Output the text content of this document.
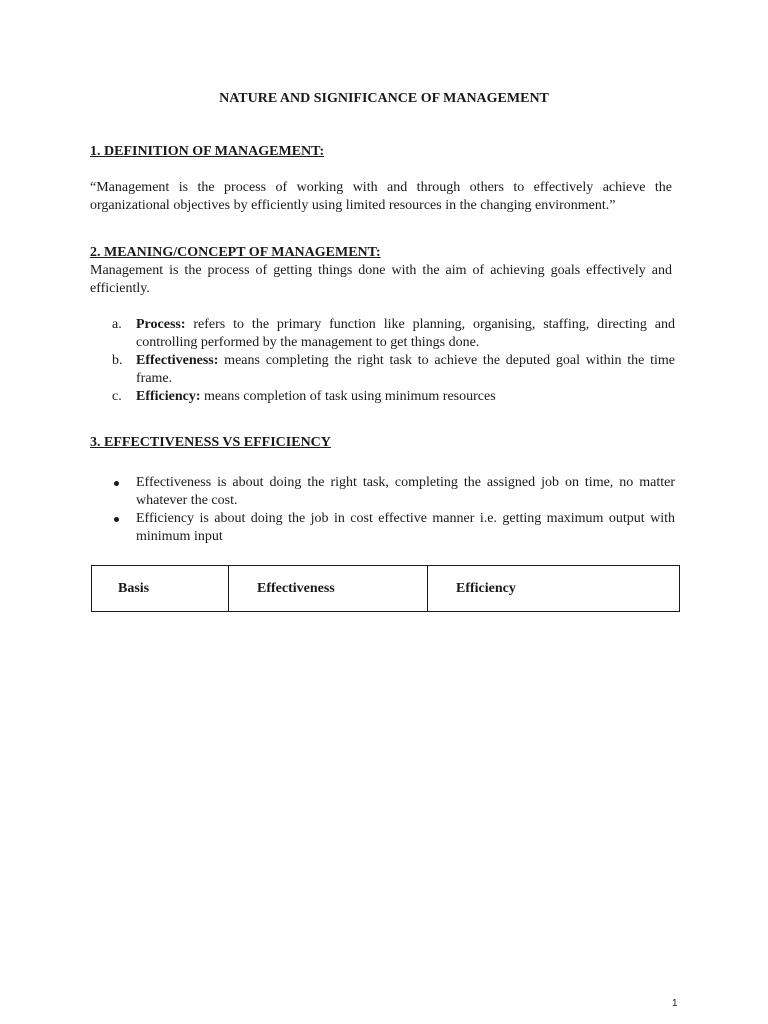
NATURE AND SIGNIFICANCE OF MANAGEMENT
1. DEFINITION OF MANAGEMENT:
“Management is the process of working with and through others to effectively achieve the organizational objectives by efficiently using limited resources in the changing environment.”
2. MEANING/CONCEPT OF MANAGEMENT:
Management is the process of getting things done with the aim of achieving goals effectively and efficiently.
a. Process: refers to the primary function like planning, organising, staffing, directing and controlling performed by the management to get things done.
b. Effectiveness: means completing the right task to achieve the deputed goal within the time frame.
c. Efficiency: means completion of task using minimum resources
3. EFFECTIVENESS VS EFFICIENCY
Effectiveness is about doing the right task, completing the assigned job on time, no matter whatever the cost.
Efficiency is about doing the job in cost effective manner i.e. getting maximum output with minimum input
Basis	Effectiveness	Efficiency
1
